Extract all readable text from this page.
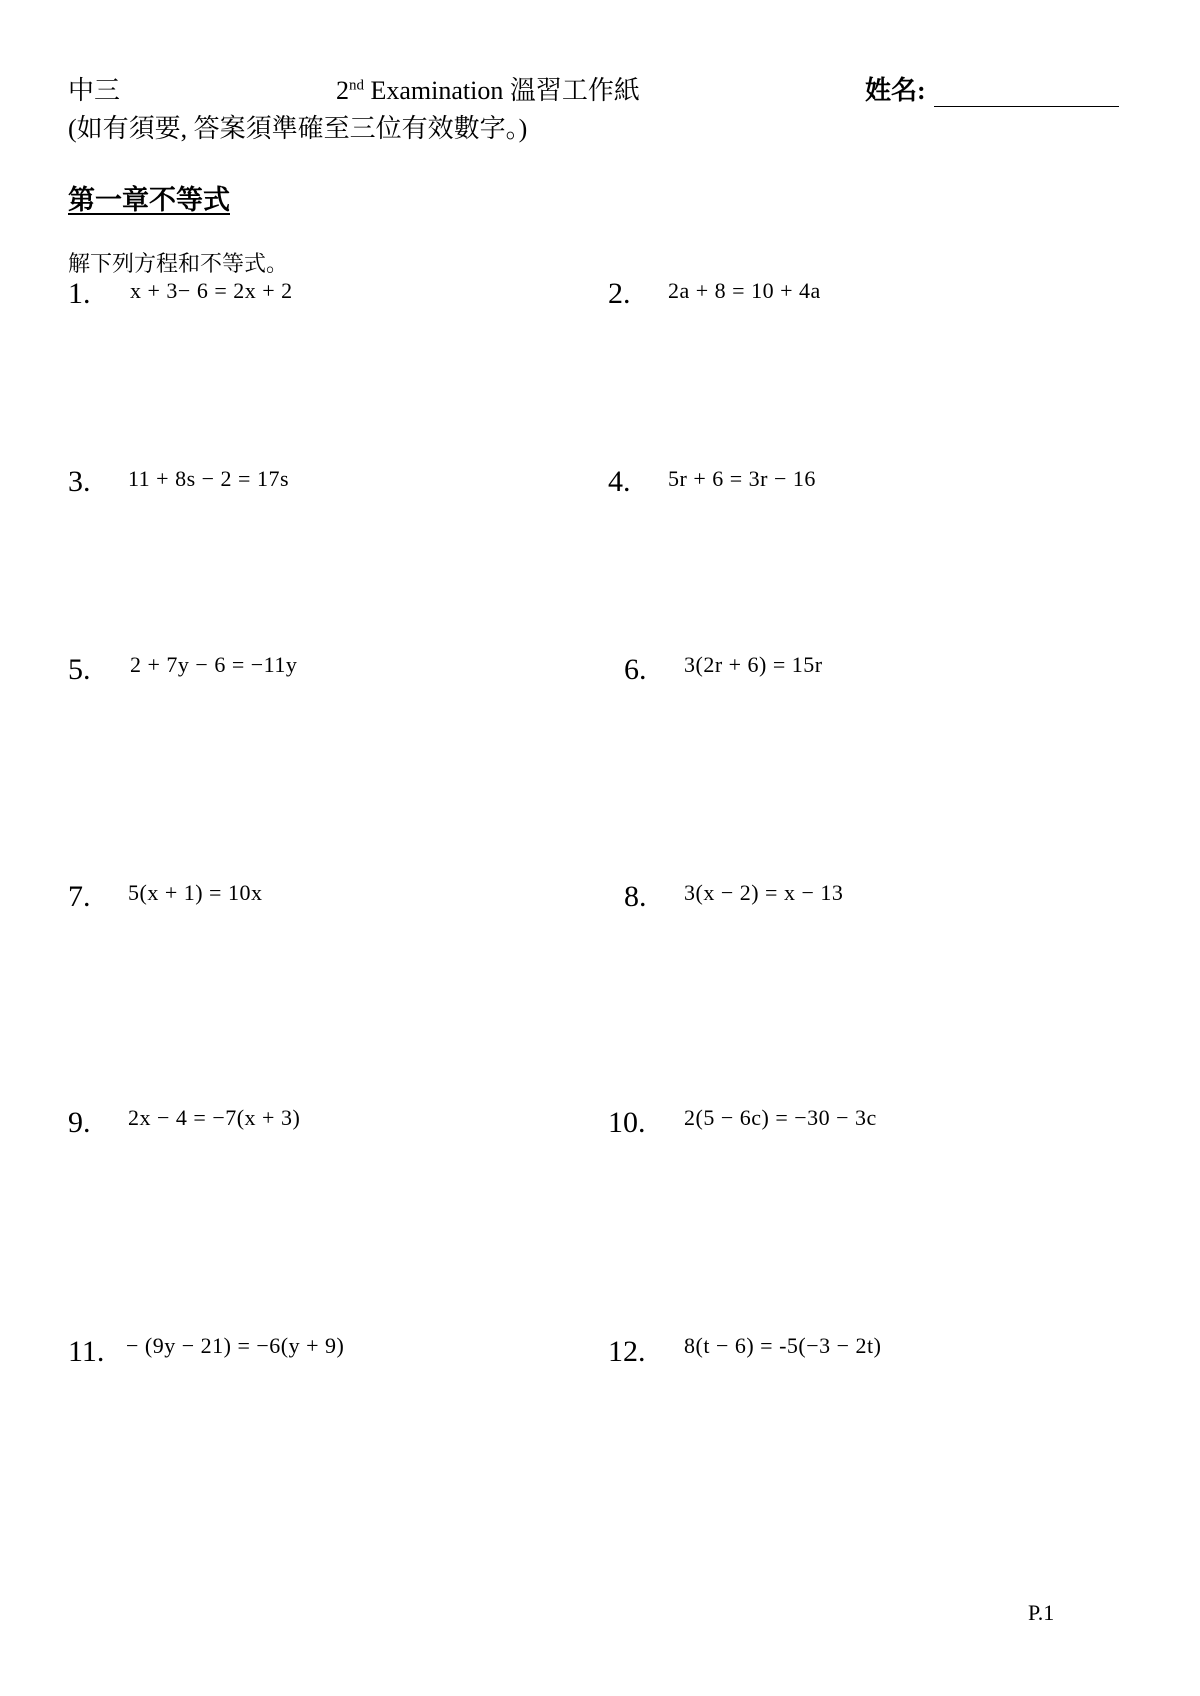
中三	2nd Examination 溫習工作紙	姓名:
(如有須要, 答案須準確至三位有效數字。)
第一章不等式
解下列方程和不等式。
1. x + 3− 6 = 2x + 2	2. 2a + 8 = 10 + 4a
3. 11 + 8s − 2 = 17s	4. 5r + 6 = 3r − 16
5. 2 + 7y − 6 = −11y	6. 3(2r + 6) = 15r
7. 5(x + 1) = 10x	8. 3(x − 2) = x − 13
9. 2x − 4 = −7(x + 3)	10. 2(5 − 6c) = −30 − 3c
11. − (9y − 21) = −6(y + 9)	12. 8(t − 6) = -5(−3 − 2t)
P.1
